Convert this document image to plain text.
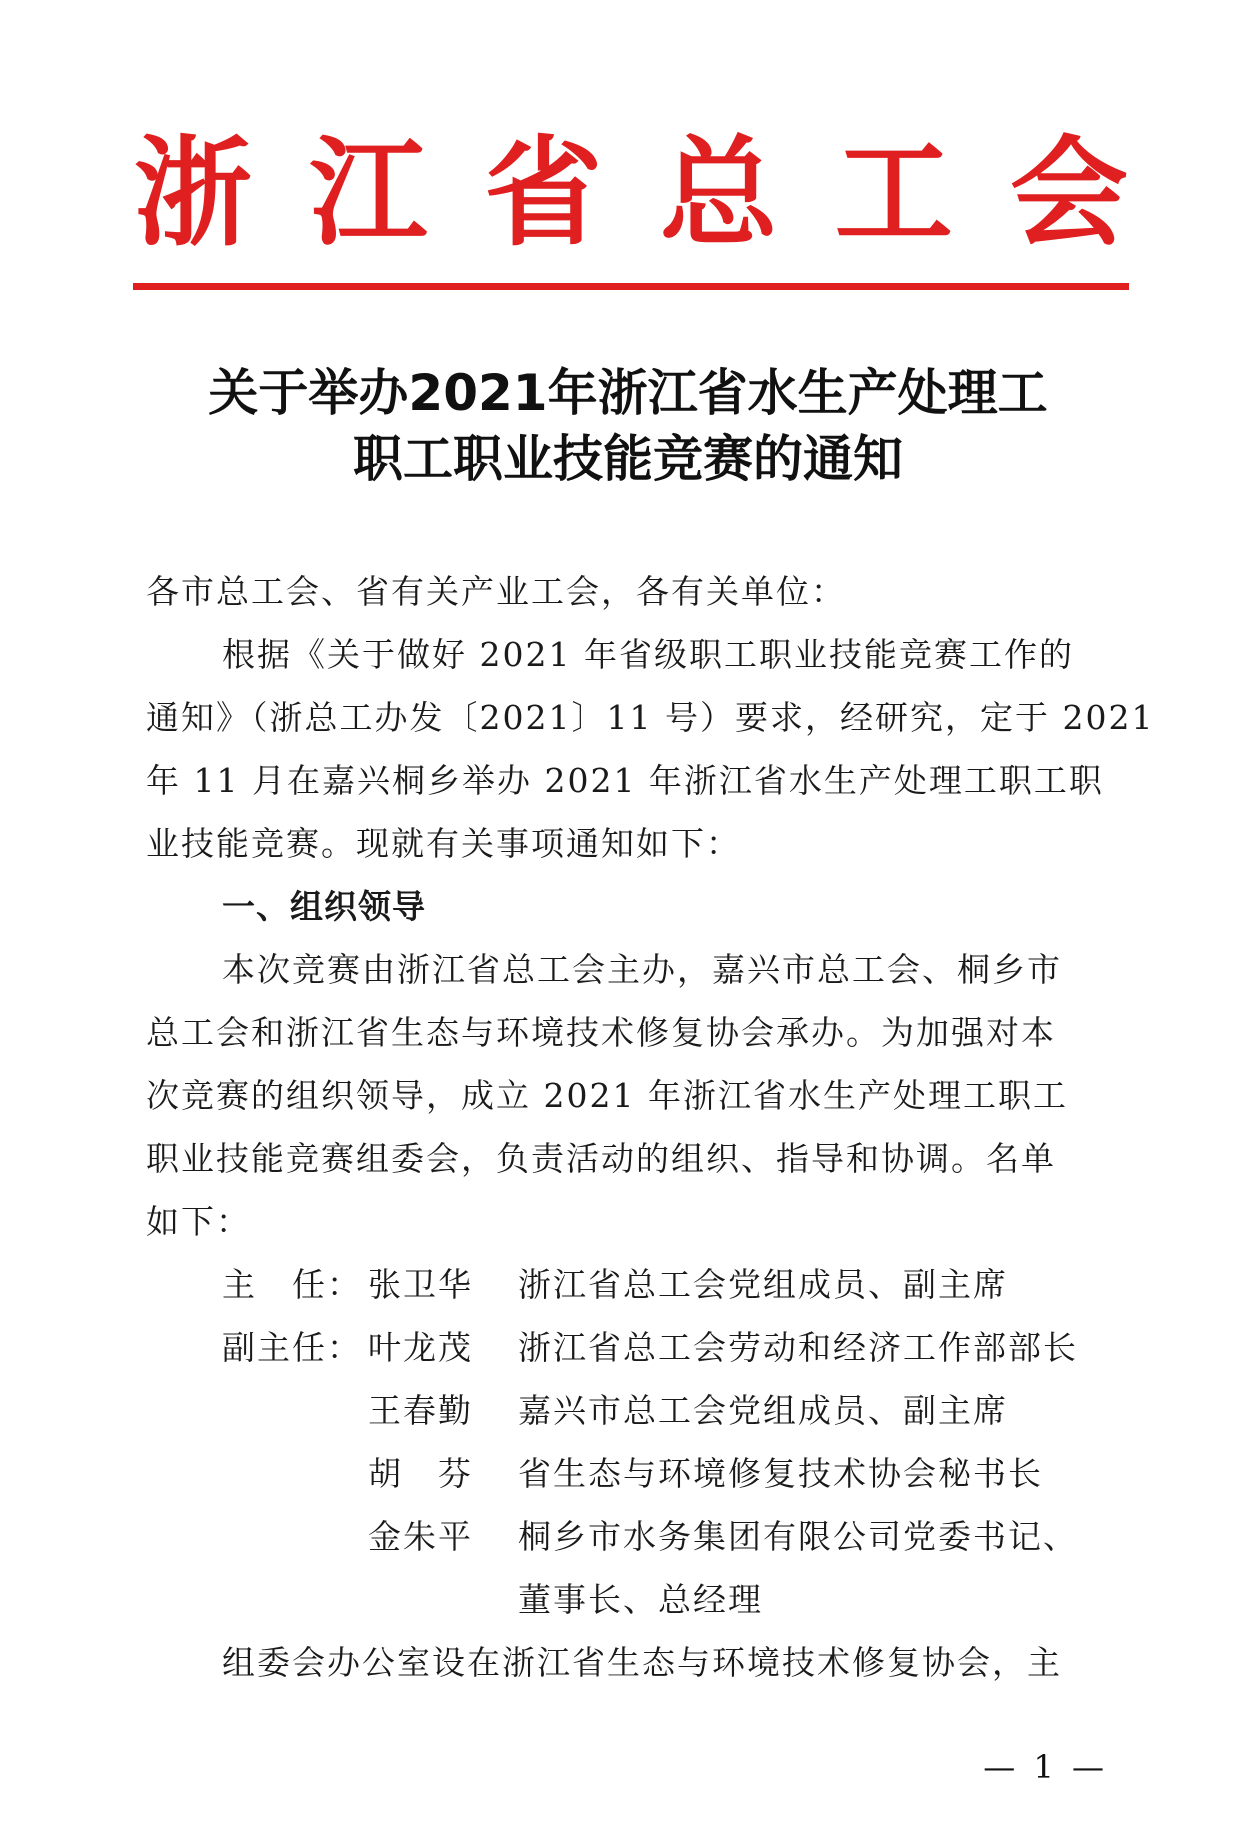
浙 江 省 总 工 会
关于举办2021年浙江省水生产处理工
职工职业技能竞赛的通知
各市总工会、省有关产业工会，各有关单位：
根据《关于做好 2021 年省级职工职业技能竞赛工作的
通知》（浙总工办发〔2021〕11 号）要求，经研究，定于 2021
年 11 月在嘉兴桐乡举办 2021 年浙江省水生产处理工职工职
业技能竞赛。现就有关事项通知如下：
一、组织领导
本次竞赛由浙江省总工会主办，嘉兴市总工会、桐乡市
总工会和浙江省生态与环境技术修复协会承办。为加强对本
次竞赛的组织领导，成立 2021 年浙江省水生产处理工职工
职业技能竞赛组委会，负责活动的组织、指导和协调。名单
如下：
主　任： 张卫华	浙江省总工会党组成员、副主席
副主任： 叶龙茂	浙江省总工会劳动和经济工作部部长
王春勤	嘉兴市总工会党组成员、副主席
胡　芬	省生态与环境修复技术协会秘书长
金朱平	桐乡市水务集团有限公司党委书记、
董事长、总经理
组委会办公室设在浙江省生态与环境技术修复协会，主
— 1 —
